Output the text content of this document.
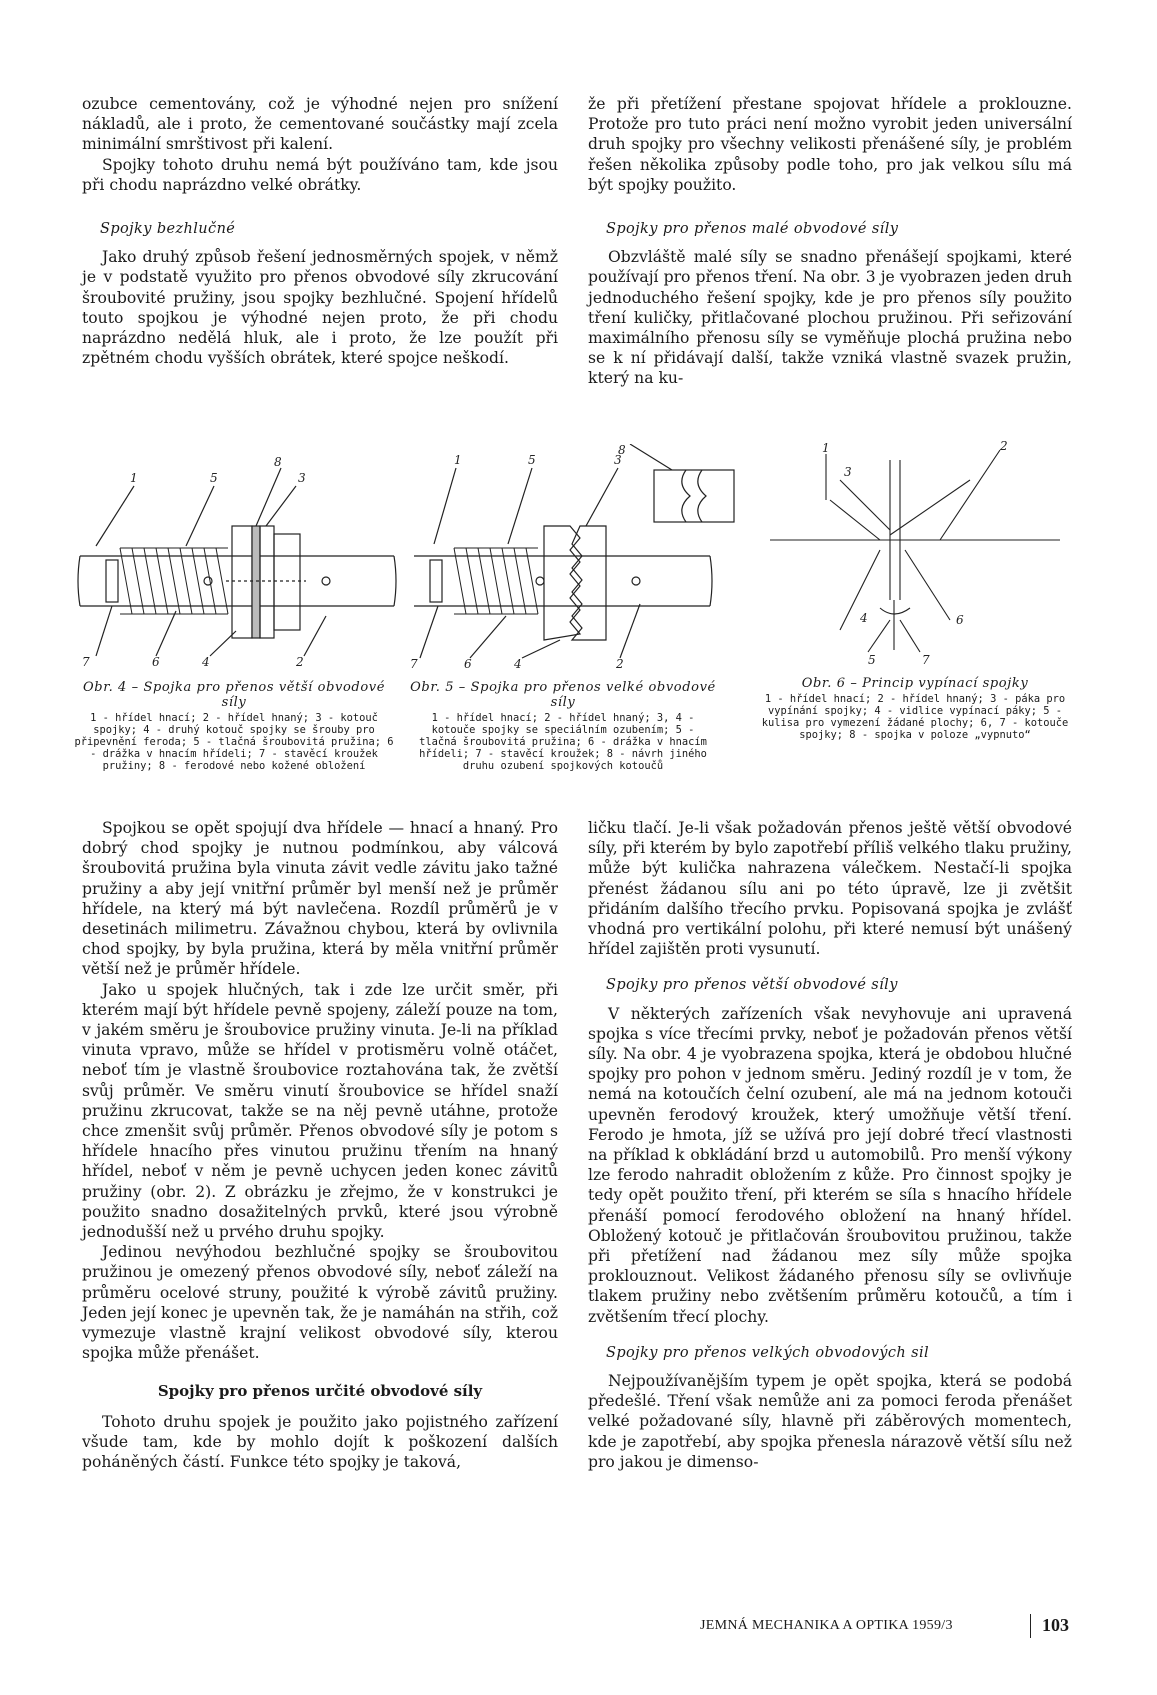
ozubce cementovány, což je výhodné nejen pro snížení nákladů, ale i proto, že cementované součástky mají zcela minimální smrštivost při kalení.

Spojky tohoto druhu nemá být používáno tam, kde jsou při chodu naprázdno velké obrátky.

Spojky bezhlučné

Jako druhý způsob řešení jednosměrných spojek, v němž je v podstatě využito pro přenos obvodové síly zkrucování šroubovité pružiny, jsou spojky bezhlučné. Spojení hřídelů touto spojkou je výhodné nejen proto, že při chodu naprázdno nedělá hluk, ale i proto, že lze použít při zpětném chodu vyšších obrátek, které spojce neškodí.

že při přetížení přestane spojovat hřídele a proklouzne. Protože pro tuto práci není možno vyrobit jeden universální druh spojky pro všechny velikosti přenášené síly, je problém řešen několika způsoby podle toho, pro jak velkou sílu má být spojky použito.

Spojky pro přenos malé obvodové síly

Obzvláště malé síly se snadno přenášejí spojkami, které používají pro přenos tření. Na obr. 3 je vyobrazen jeden druh jednoduchého řešení spojky, kde je pro přenos síly použito tření kuličky, přitlačované plochou pružinou. Při seřizování maximálního přenosu síly se vyměňuje plochá pružina nebo se k ní přidávají další, takže vzniká vlastně svazek pružin, který na ku-

8
1	5	3
7	6	4	2
Obr. 4 – Spojka pro přenos větší obvodové síly
1 - hřídel hnací; 2 - hřídel hnaný; 3 - kotouč spojky; 4 - druhý kotouč spojky se šrouby pro připevnění feroda; 5 - tlačná šroubovitá pružina; 6 - drážka v hnacím hřídeli; 7 - stavěcí kroužek pružiny; 8 - ferodové nebo kožené obložení
8
1	5	3
7	6	4	2
Obr. 5 – Spojka pro přenos velké obvodové síly
1 - hřídel hnací; 2 - hřídel hnaný; 3, 4 - kotouče spojky se speciálním ozubením; 5 - tlačná šroubovitá pružina; 6 - drážka v hnacím hřídeli; 7 - stavěcí kroužek; 8 - návrh jiného druhu ozubení spojkových kotoučů
1
3
2
4
5
6
7
Obr. 6 – Princip vypínací spojky
1 - hřídel hnací; 2 - hřídel hnaný; 3 - páka pro vypínání spojky; 4 - vidlice vypínací páky; 5 - kulisa pro vymezení žádané plochy; 6, 7 - kotouče spojky; 8 - spojka v poloze „vypnuto“

Spojkou se opět spojují dva hřídele — hnací a hnaný. Pro dobrý chod spojky je nutnou podmínkou, aby válcová šroubovitá pružina byla vinuta závit vedle závitu jako tažné pružiny a aby její vnitřní průměr byl menší než je průměr hřídele, na který má být navlečena. Rozdíl průměrů je v desetinách milimetru. Závažnou chybou, která by ovlivnila chod spojky, by byla pružina, která by měla vnitřní průměr větší než je průměr hřídele.

Jako u spojek hlučných, tak i zde lze určit směr, při kterém mají být hřídele pevně spojeny, záleží pouze na tom, v jakém směru je šroubovice pružiny vinuta. Je-li na příklad vinuta vpravo, může se hřídel v protisměru volně otáčet, neboť tím je vlastně šroubovice roztahována tak, že zvětší svůj průměr. Ve směru vinutí šroubovice se hřídel snaží pružinu zkrucovat, takže se na něj pevně utáhne, protože chce zmenšit svůj průměr. Přenos obvodové síly je potom s hřídele hnacího přes vinutou pružinu třením na hnaný hřídel, neboť v něm je pevně uchycen jeden konec závitů pružiny (obr. 2). Z obrázku je zřejmo, že v konstrukci je použito snadno dosažitelných prvků, které jsou výrobně jednodušší než u prvého druhu spojky.

Jedinou nevýhodou bezhlučné spojky se šroubovitou pružinou je omezený přenos obvodové síly, neboť záleží na průměru ocelové struny, použité k výrobě závitů pružiny. Jeden její konec je upevněn tak, že je namáhán na střih, což vymezuje vlastně krajní velikost obvodové síly, kterou spojka může přenášet.

Spojky pro přenos určité obvodové síly

Tohoto druhu spojek je použito jako pojistného zařízení všude tam, kde by mohlo dojít k poškození dalších poháněných částí. Funkce této spojky je taková,

ličku tlačí. Je-li však požadován přenos ještě větší obvodové síly, při kterém by bylo zapotřebí příliš velkého tlaku pružiny, může být kulička nahrazena válečkem. Nestačí-li spojka přenést žádanou sílu ani po této úpravě, lze ji zvětšit přidáním dalšího třecího prvku. Popisovaná spojka je zvlášť vhodná pro vertikální polohu, při které nemusí být unášený hřídel zajištěn proti vysunutí.

Spojky pro přenos větší obvodové síly

V některých zařízeních však nevyhovuje ani upravená spojka s více třecími prvky, neboť je požadován přenos větší síly. Na obr. 4 je vyobrazena spojka, která je obdobou hlučné spojky pro pohon v jednom směru. Jediný rozdíl je v tom, že nemá na kotoučích čelní ozubení, ale má na jednom kotouči upevněn ferodový kroužek, který umožňuje větší tření. Ferodo je hmota, jíž se užívá pro její dobré třecí vlastnosti na příklad k obkládání brzd u automobilů. Pro menší výkony lze ferodo nahradit obložením z kůže. Pro činnost spojky je tedy opět použito tření, při kterém se síla s hnacího hřídele přenáší pomocí ferodového obložení na hnaný hřídel. Obložený kotouč je přitlačován šroubovitou pružinou, takže při přetížení nad žádanou mez síly může spojka proklouznout. Velikost žádaného přenosu síly se ovlivňuje tlakem pružiny nebo zvětšením průměru kotoučů, a tím i zvětšením třecí plochy.

Spojky pro přenos velkých obvodových sil

Nejpoužívanějším typem je opět spojka, která se podobá předešlé. Tření však nemůže ani za pomoci feroda přenášet velké požadované síly, hlavně při záběrových momentech, kde je zapotřebí, aby spojka přenesla nárazově větší sílu než pro jakou je dimenso-

JEMNÁ MECHANIKA A OPTIKA 1959/3	103
